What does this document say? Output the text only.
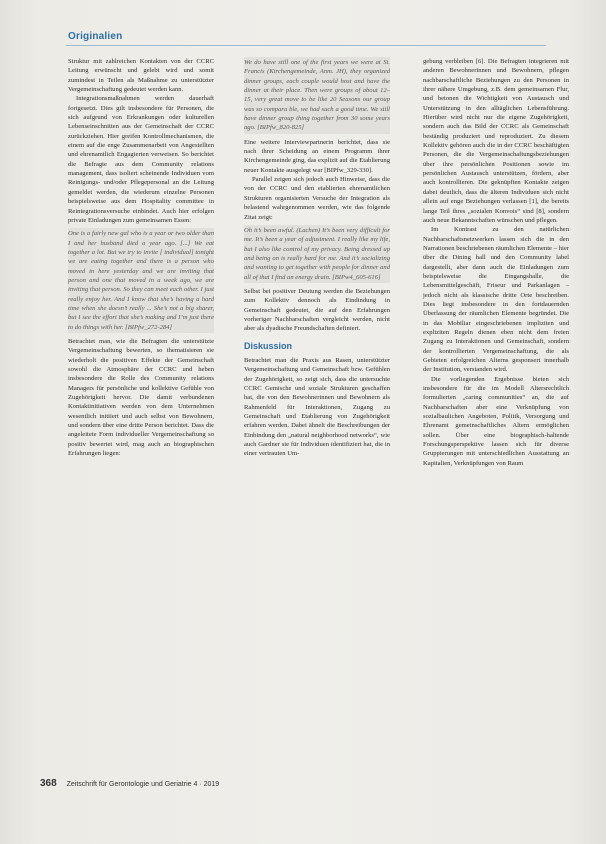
Originalien

Struktur mit zahlreichen Kontakten von der CCRC Leitung erwünscht und gelebt wird und somit zumindest in Teilen als Maßnahme zu unterstützter Vergemeinschaftung gedeutet werden kann.

Integrationsmaßnahmen werden dauerhaft fortgesetzt. Dies gilt insbesondere für Personen, die sich aufgrund von Erkrankungen oder kulturellen Lebenseinschnitten aus der Gemeinschaft der CCRC zurückziehen. Hier greifen Kontrollmechanismen, die einem auf die enge Zusammenarbeit von Angestellten und ehrenamtlich Engagierten verweisen. So berichtet die Befragte aus dem Community relations management, dass isoliert scheinende Individuen vom Reinigungs- und/oder Pflegepersonal an die Leitung gemeldet werden, die wiederum einzelne Personen beispielsweise aus dem Hospitality committee in Reintegrationsversuche einbindet. Auch hier erfolgen private Einladungen zum gemeinsamen Essen:

One is a fairly new gal who is a year or two older than I and her husband died a year ago. [...] We eat together a lot. But we try to invite [ individual] tonight we are eating together and there is a person who moved in here yesterday and we are inviting that person and one that moved in a week ago, we are inviting that person. So they can meet each other. I just really enjoy her. And I know that she’s having a hard time when she doesn’t really ... She’s not a big sharer, but I see the effort that she’s making and I’m just there to do things with her. [BIPfw_272-284]

Betrachtet man, wie die Befragten die unterstützte Vergemeinschaftung bewerten, so thematisieren sie wiederholt die positiven Effekte der Gemeinschaft sowohl die Atmosphäre der CCRC und heben insbesondere die Rolle des Community relations Managers für persönliche und kollektive Gefühle von Zugehörigkeit hervor. Die damit verbundenen Kontaktinitiativen werden von dem Unternehmen wesentlich initiiert und auch selbst von Bewohnern, und sondern über eine dritte Person berichtet. Dass die angeleitete Form individueller Vergemeinschaftung so positiv bewertet wird, mag auch an biographischen Erfahrungen liegen:

We do have still one of the first years we were at St. Francis (Kirchengemeinde, Anm. JH), they organized dinner groups, each couple would host and have the dinner at their place. Then were groups of about 12–15, very great move to be like 20 Seasons our group was so compara ble, we had such a good time. We still have dinner group thing together from 30 some years ago. [BIPfw_820-825]

Eine weitere Interviewpartnerin berichtet, dass sie nach ihrer Scheidung an einem Programm ihrer Kirchengemeinde ging, das explizit auf die Etablierung neuer Kontakte ausgelegt war [BIPfw_329-330].

Parallel zeigen sich jedoch auch Hinweise, dass die von der CCRC und den etablierten ehrenamtlichen Strukturen organisierten Versuche der Integration als belastend wahrgenommen werden, wie das folgende Zitat zeigt:

Oh it’s been awful. (Lachen) It’s been very difficult for me. It’s been a year of adjustment. I really like my life, but I also like control of my privacy. Being dressed up and being on is really hard for me. And it’s socializing and wanting to get together with people for dinner and all of that I find an energy drain. [BIPw4_605-616]

Selbst bei positiver Deutung werden die Beziehungen zum Kollektiv dennoch als Eindindung in Gemeinschaft gedeutet, die auf den Erfahrungen vorheriger Nachbarschaften vergleicht werden, nicht aber als dyadische Freundschaften definiert.

Diskussion

Betrachtet man die Praxis aus Rasen, unterstützter Vergemeinschaftung und Gemeinschaft bzw. Gefühlen der Zugehörigkeit, so zeigt sich, dass die untersuchte CCRC Gemische und soziale Strukturen geschaffen hat, die von den Bewohnerinnen und Bewohnern als Rahmenfeld für Interaktionen, Zugang zu Gemeinschaft und Etablierung von Zugehörigkeit erfahren werden. Dabei ähnelt die Beschreibungen der Einbindung den „natural neighborhood networks“, wie auch Gardner sie für Individuen identifiziert hat, die in einer vertrauten Um-

gebung verbleiben [6]. Die Befragten integrieren mit anderen Bewohnerinnen und Bewohnern, pflegen nachbarschaftliche Beziehungen zu den Personen in ihrer nähere Umgebung, z.B. dem gemeinsamen Flur, und betonen die Wichtigkeit von Austausch und Unterstützung in den alltäglichen Lebensführung. Hierüber wird nicht nur die eigene Zugehörigkeit, sondern auch das Bild der CCRC als Gemeinschaft beständig produziert und reproduziert. Zu diesem Kollektiv gehören auch die in der CCRC beschäftigten Personen, die die Vergemeinschaftungsbeziehungen über ihre persönlichen Positionen sowie im persönlichen Austausch unterstützen, fördern, aber auch kontrollieren. Die geknüpften Kontakte zeigen dabei deutlich, dass die älteren Individuen sich nicht allein auf enge Beziehungen verlassen [1], die bereits lange Teil ihres „sozialen Konvois“ sind [8], sondern auch neue Bekanntschaften wünschen und pflegen.

Im Kontrast zu den natürlichen Nachbarschaftsnetzwerken lassen sich die in den Narrationen beschriebenen räumlichen Elemente – hier über die Dining hall und den Community label dargestellt, aber dann auch die Einladungen zum beispielsweise die Eingangshalle, die Lebensmittelgeschäft, Friseur und Parkanlagen – jedoch nicht als klassische dritte Orte beschreiben. Dies liegt insbesondere in den fortdauernden Überlassung der räumlichen Elemente begründet. Die in das Mobiliar eingeschriebenen impliziten und expliziten Regeln dienen eben nicht dem freien Zugang zu Interaktionen und Gemeinschaft, sondern der kontrollierten Vergemeinschaftung, die als Gebieten erfolgreichen Alterns gesponsert innerhalb der Institution, verstanden wird.

Die vorliegenden Ergebnisse bieten sich insbesondere für die im Modell Altersrechtlich formulierten „caring communities“ an, die auf Nachbarschaften aber eine Verknüpfung von sozialbaulichen Angeboten, Politik, Versorgung und Ehrenamt gemeinschaftliches Altern ermöglichen sollen. Über eine biographisch-haltende Forschungsperspektive lassen sich für diverse Gruppierungen mit unterschiedlichen Ausstattung an Kapitalien, Verknüpfungen von Raum

368 Zeitschrift für Gerontologie und Geriatrie 4 · 2019
